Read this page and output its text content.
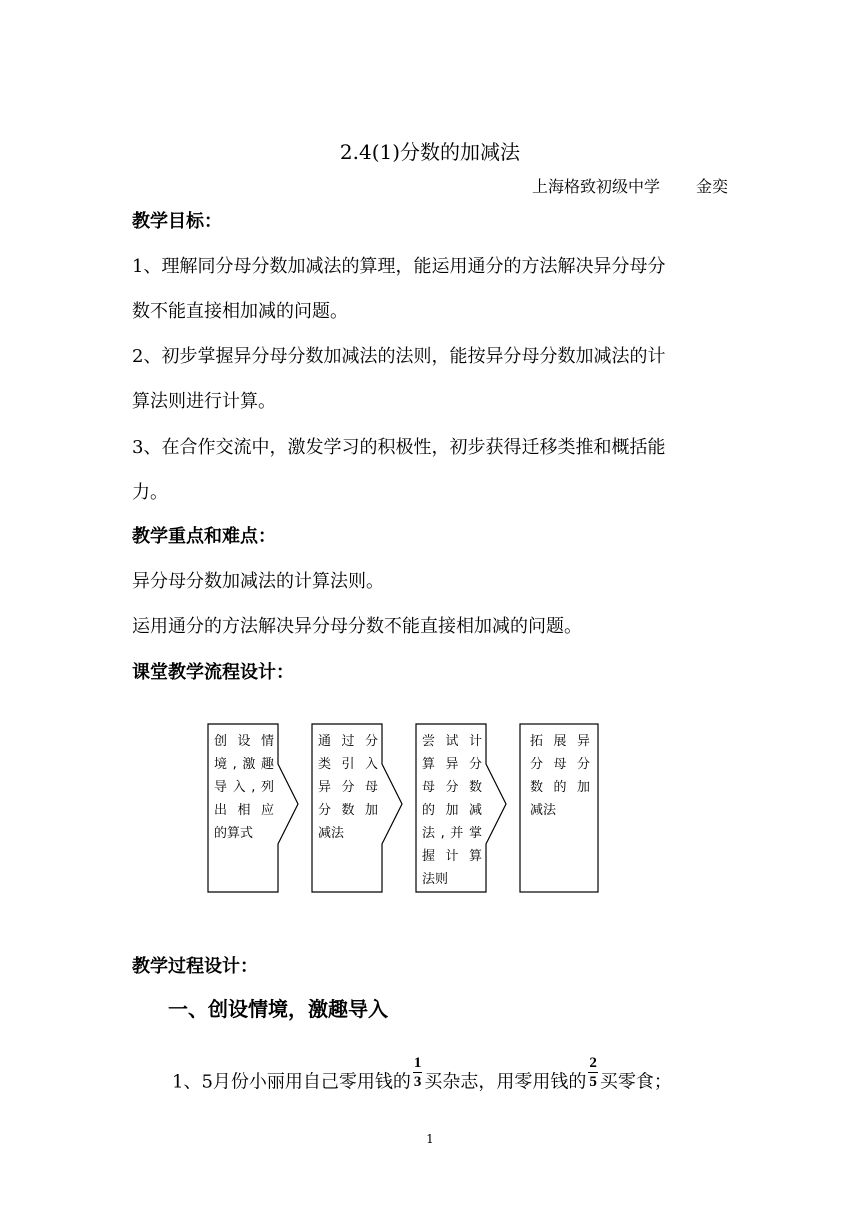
2.4(1)分数的加减法
上海格致初级中学 金奕
教学目标：
1、理解同分母分数加减法的算理，能运用通分的方法解决异分母分
数不能直接相加减的问题。
2、初步掌握异分母分数加减法的法则，能按异分母分数加减法的计
算法则进行计算。
3、在合作交流中，激发学习的积极性，初步获得迁移类推和概括能
力。
教学重点和难点：
异分母分数加减法的计算法则。
运用通分的方法解决异分母分数不能直接相加减的问题。
课堂教学流程设计：
创设情
境,激趣
导入,列
出相应
的算式
通过分
类引入
异分母
分数加
减法
尝试计
算异分
母分数
的加减
法,并掌
握计算
法则
拓展异
分母分
数的加
减法
教学过程设计：
一、创设情境，激趣导入
1、5月份小丽用自己零用钱的 $\frac{1}{3}$ 买杂志，用零用钱的 $\frac{2}{5}$ 买零食；
1
